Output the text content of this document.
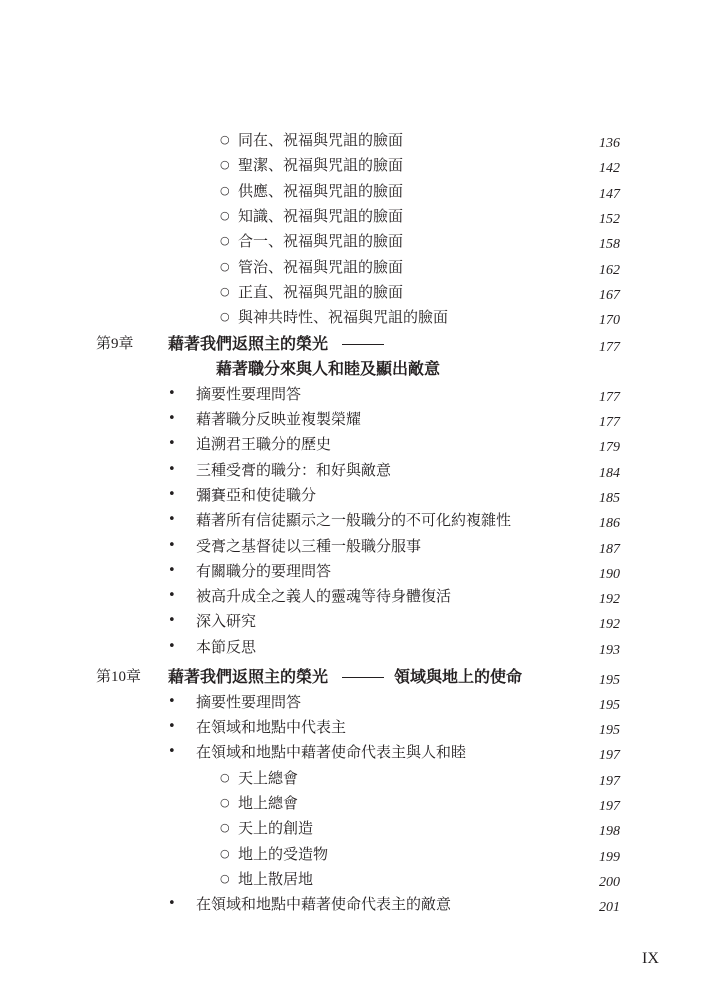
○ 同在、祝福與咒詛的臉面	136
○ 聖潔、祝福與咒詛的臉面	142
○ 供應、祝福與咒詛的臉面	147
○ 知識、祝福與咒詛的臉面	152
○ 合一、祝福與咒詛的臉面	158
○ 管治、祝福與咒詛的臉面	162
○ 正直、祝福與咒詛的臉面	167
○ 與神共時性、祝福與咒詛的臉面	170
第9章 藉著我們返照主的榮光	177
藉著職分來與人和睦及顯出敵意
• 摘要性要理問答	177
• 藉著職分反映並複製榮耀	177
• 追溯君王職分的歷史	179
• 三種受膏的職分：和好與敵意	184
• 彌賽亞和使徒職分	185
• 藉著所有信徒顯示之一般職分的不可化約複雜性	186
• 受膏之基督徒以三種一般職分服事	187
• 有關職分的要理問答	190
• 被高升成全之義人的靈魂等待身體復活	192
• 深入研究	192
• 本節反思	193
第10章 藉著我們返照主的榮光	領域與地上的使命	195
• 摘要性要理問答	195
• 在領域和地點中代表主	195
• 在領域和地點中藉著使命代表主與人和睦	197
○ 天上總會	197
○ 地上總會	197
○ 天上的創造	198
○ 地上的受造物	199
○ 地上散居地	200
• 在領域和地點中藉著使命代表主的敵意	201
IX
